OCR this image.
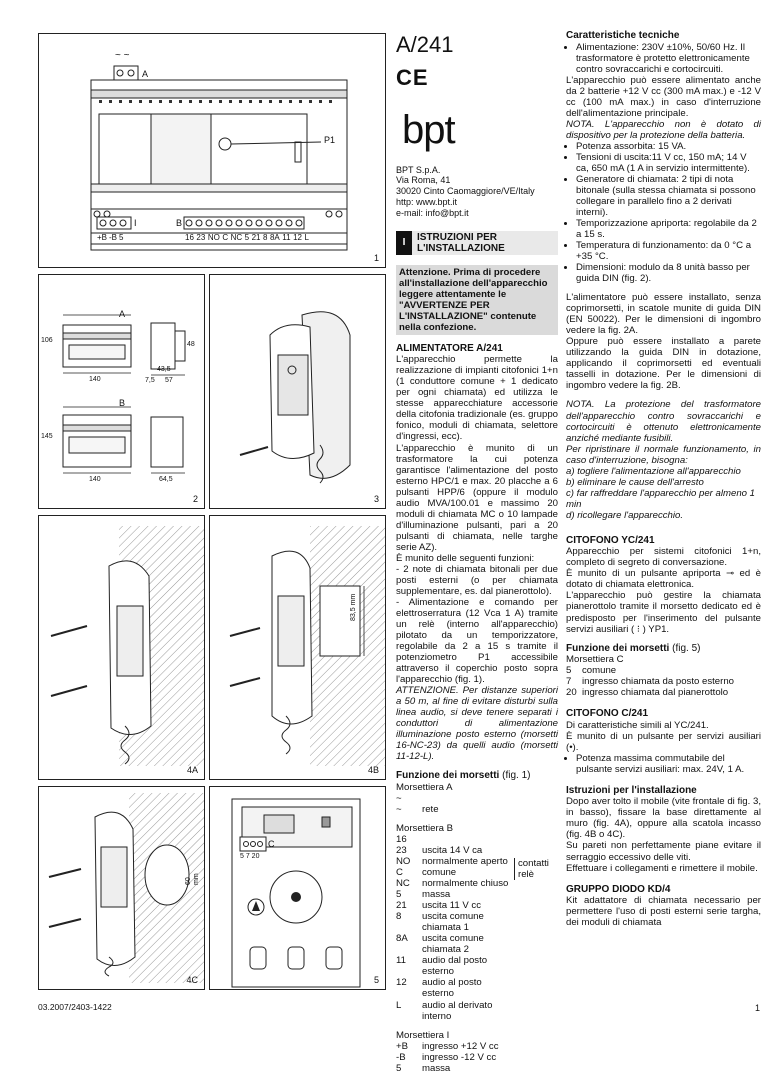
~ ~
A
P1
I	B
+B -B 5	16 23 NO C NC 5 21 8 8A 11 12 L
1
A
B
106
140
43,5
48
7,5 57
145
140	64,5
2	3
4A
83,5 mm
4B
60 mm
4C
C
5 7 20
5
A/241
CE
bpt
BPT S.p.A.
Via Roma, 41
30020 Cinto Caomaggiore/VE/Italy
http: www.bpt.it
e-mail: info@bpt.it
I	ISTRUZIONI PER
L'INSTALLAZIONE
Attenzione. Prima di procedere all'installazione dell'apparecchio leggere attentamente le "AVVERTENZE PER L'INSTALLAZIONE" contenute nella confezione.
ALIMENTATORE A/241

L'apparecchio permette la realizzazione di impianti citofonici 1+n (1 conduttore comune + 1 dedicato per ogni chiamata) ed utilizza le stesse apparecchiature accessorie della citofonia tradizionale (es. gruppo fonico, moduli di chiamata, selettore d'ingressi, ecc).

L'apparecchio è munito di un trasformatore la cui potenza garantisce l'alimentazione del posto esterno HPC/1 e max. 20 placche a 6 pulsanti HPP/6 (oppure il modulo audio MVA/100.01 e massimo 20 moduli di chiamata MC o 10 lampade d'illuminazione pulsanti, pari a 20 pulsanti di chiamata, nelle targhe serie AZ).

È munito delle seguenti funzioni:

- 2 note di chiamata bitonali per due posti esterni (o per chiamata supplementare, es. dal pianerottolo).

- Alimentazione e comando per elettroserratura (12 Vca 1 A) tramite un relè (interno all'apparecchio) pilotato da un temporizzatore, regolabile da 2 a 15 s tramite il potenziometro P1 accessibile attraverso il coperchio posto sopra l'apparecchio (fig. 1).

ATTENZIONE. Per distanze superiori a 50 m, al fine di evitare disturbi sulla linea audio, si deve tenere separati i conduttori di alimentazione illuminazione posto esterno (morsetti 16-NC-23) da quelli audio (morsetti 11-12-L).

Funzione dei morsetti (fig. 1)
Morsettiera A
~
~	rete
Morsettiera B
16
23	uscita 14 V ca
NO	normalmente aperto
C	comune
NC	normalmente chiuso
5	massa
21	uscita 11 V cc
8	uscita comune chiamata 1
8A	uscita comune chiamata 2
11	audio dal posto esterno
12	audio al posto esterno
L	audio al derivato interno
contatti relè
Morsettiera I
+B	ingresso +12 V cc
-B	ingresso -12 V cc
5	massa
Caratteristiche tecniche
• Alimentazione: 230V ±10%, 50/60 Hz. Il trasformatore è protetto elettronicamente contro sovraccarichi e cortocircuiti.

L'apparecchio può essere alimentato anche da 2 batterie +12 V cc (300 mA max.) e -12 V cc (100 mA max.) in caso d'interruzione dell'alimentazione principale.

NOTA. L'apparecchio non è dotato di dispositivo per la protezione della batteria.

• Potenza assorbita: 15 VA.
• Tensioni di uscita:11 V cc, 150 mA; 14 V ca, 650 mA (1 A in servizio intermittente).
• Generatore di chiamata: 2 tipi di nota bitonale (sulla stessa chiamata si possono collegare in parallelo fino a 2 derivati interni).
• Temporizzazione apriporta: regolabile da 2 a 15 s.
• Temperatura di funzionamento: da 0 °C a +35 °C.
• Dimensioni: modulo da 8 unità basso per guida DIN (fig. 2).

L'alimentatore può essere installato, senza coprimorsetti, in scatole munite di guida DIN (EN 50022). Per le dimensioni di ingombro vedere la fig. 2A.

Oppure può essere installato a parete utilizzando la guida DIN in dotazione, applicando il coprimorsetti ed eventuali tasselli in dotazione. Per le dimensioni di ingombro vedere la fig. 2B.

NOTA. La protezione del trasformatore dell'apparecchio contro sovraccarichi e cortocircuiti è ottenuto elettronicamente anziché mediante fusibili.

Per ripristinare il normale funzionamento, in caso d'interruzione, bisogna:

a) togliere l'alimentazione all'apparecchio
b) eliminare le cause dell'arresto
c) far raffreddare l'apparecchio per almeno 1 min
d) ricollegare l'apparecchio.
CITOFONO YC/241

Apparecchio per sistemi citofonici 1+n, completo di segreto di conversazione.

È munito di un pulsante apriporta ⊸ ed è dotato di chiamata elettronica.

L'apparecchio può gestire la chiamata pianerottolo tramite il morsetto dedicato ed è predisposto per l'inserimento del pulsante servizi ausiliari ( ⁝ ) YP1.

Funzione dei morsetti (fig. 5)
Morsettiera C
5	comune
7	ingresso chiamata da posto esterno
20 ingresso chiamata dal pianerottolo
CITOFONO C/241

Di caratteristiche simili al YC/241.

È munito di un pulsante per servizi ausiliari (•).

• Potenza massima commutabile del pulsante servizi ausiliari: max. 24V, 1 A.
Istruzioni per l'installazione

Dopo aver tolto il mobile (vite frontale di fig. 3, in basso), fissare la base direttamente al muro (fig. 4A), oppure alla scatola incasso (fig. 4B o 4C).

Su pareti non perfettamente piane evitare il serraggio eccessivo delle viti.

Effettuare i collegamenti e rimettere il mobile.

GRUPPO DIODO KD/4

Kit adattatore di chiamata necessario per permettere l'uso di posti esterni serie targha, dei moduli di chiamata

03.2007/2403-1422	1
